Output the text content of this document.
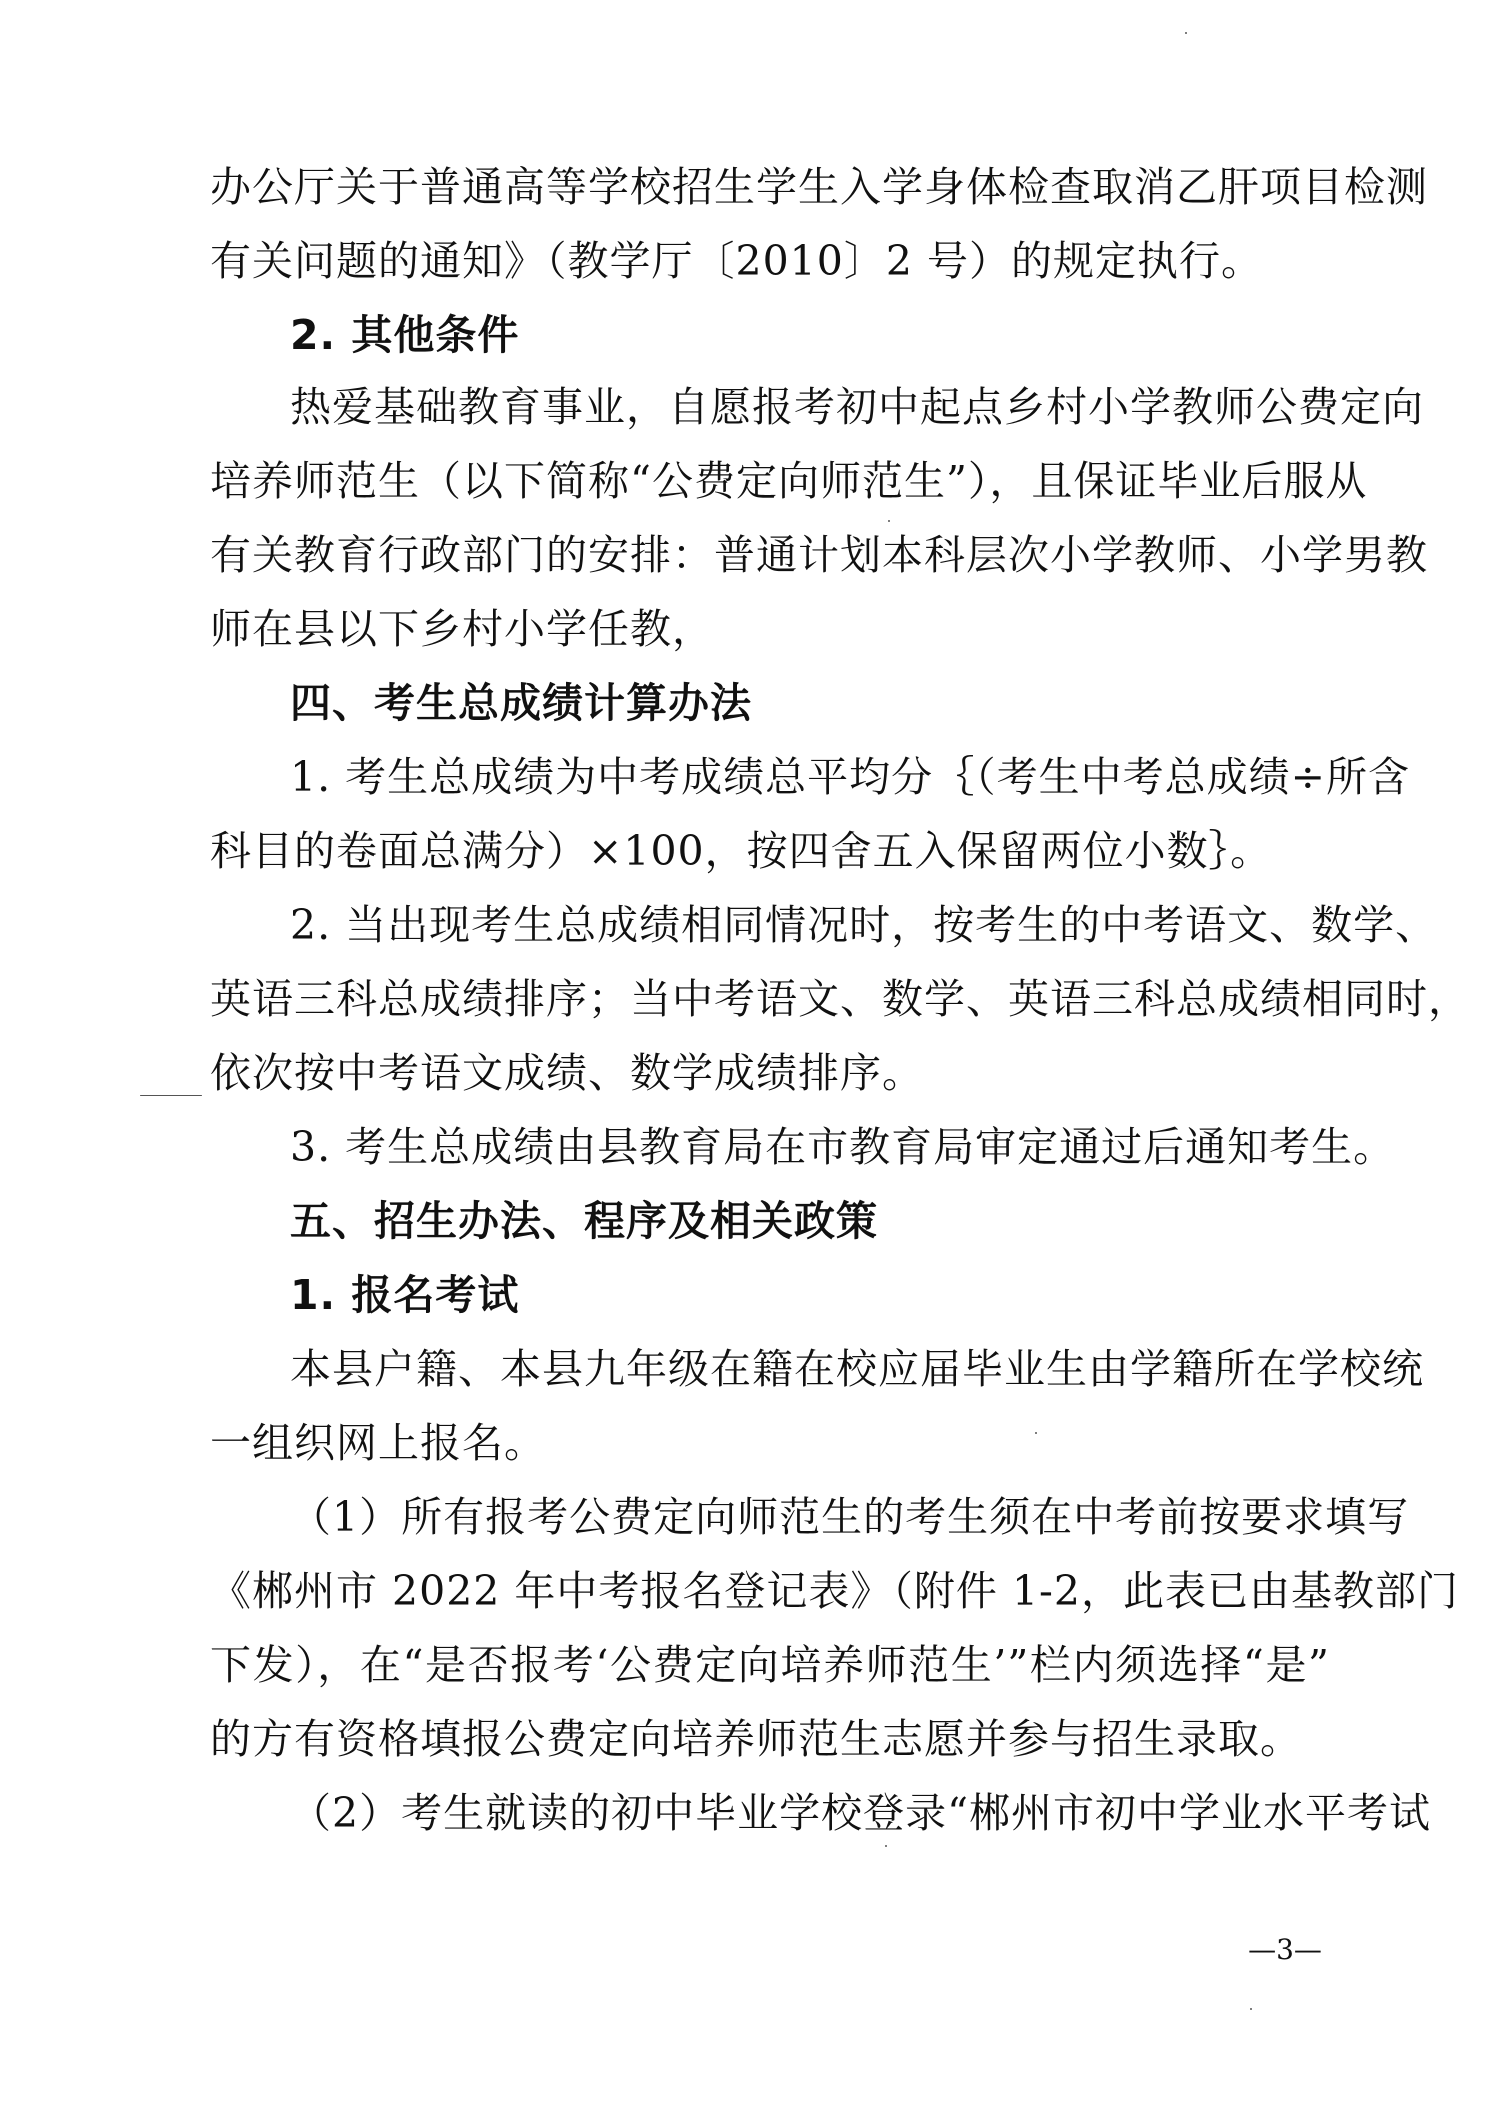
办公厅关于普通高等学校招生学生入学身体检查取消乙肝项目检测
有关问题的通知》（教学厅〔2010〕2 号）的规定执行。
2. 其他条件
热爱基础教育事业，自愿报考初中起点乡村小学教师公费定向
培养师范生（以下简称“公费定向师范生”），且保证毕业后服从
有关教育行政部门的安排：普通计划本科层次小学教师、小学男教
师在县以下乡村小学任教，
四、考生总成绩计算办法
1. 考生总成绩为中考成绩总平均分｛（考生中考总成绩÷所含
科目的卷面总满分）×100，按四舍五入保留两位小数｝。
2. 当出现考生总成绩相同情况时，按考生的中考语文、数学、
英语三科总成绩排序；当中考语文、数学、英语三科总成绩相同时，
依次按中考语文成绩、数学成绩排序。
3. 考生总成绩由县教育局在市教育局审定通过后通知考生。
五、招生办法、程序及相关政策
1. 报名考试
本县户籍、本县九年级在籍在校应届毕业生由学籍所在学校统
一组织网上报名。
（1）所有报考公费定向师范生的考生须在中考前按要求填写
《郴州市 2022 年中考报名登记表》（附件 1-2，此表已由基教部门
下发），在“是否报考‘公费定向培养师范生’”栏内须选择“是”
的方有资格填报公费定向培养师范生志愿并参与招生录取。
（2）考生就读的初中毕业学校登录“郴州市初中学业水平考试
—3—
